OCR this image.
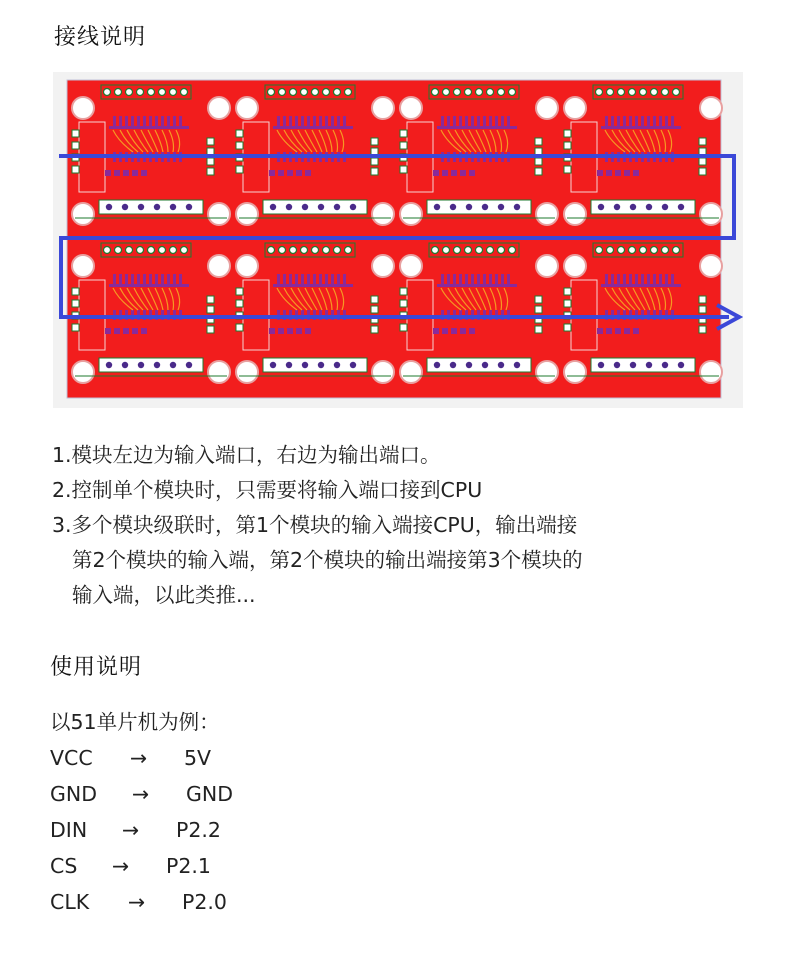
接线说明
1.模块左边为输入端口，右边为输出端口。
2.控制单个模块时，只需要将输入端口接到CPU
3.多个模块级联时，第1个模块的输入端接CPU，输出端接
第2个模块的输入端，第2个模块的输出端接第3个模块的
输入端，以此类推...
使用说明
以51单片机为例：
VCC → 5V
GND → GND
DIN → P2.2
CS → P2.1
CLK → P2.0
